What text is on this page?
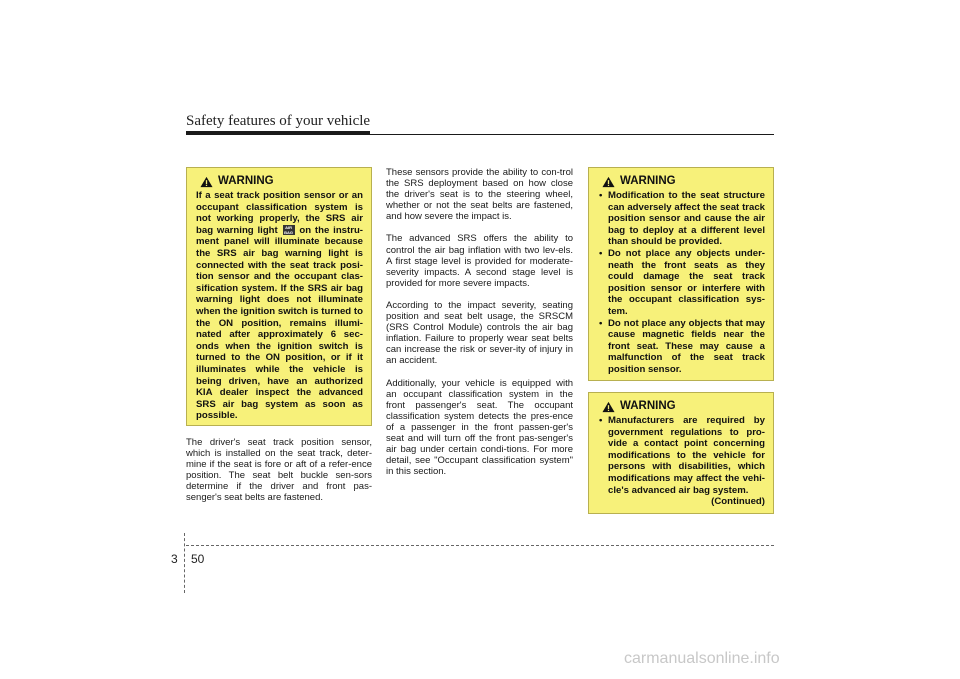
Safety features of your vehicle
WARNING

If a seat track position sensor or an occupant classification system is not working properly, the SRS air bag warning light AIR BAG on the instru-ment panel will illuminate because the SRS air bag warning light is connected with the seat track posi-tion sensor and the occupant clas-sification system. If the SRS air bag warning light does not illuminate when the ignition switch is turned to the ON position, remains illumi-nated after approximately 6 sec-onds when the ignition switch is turned to the ON position, or if it illuminates while the vehicle is being driven, have an authorized KIA dealer inspect the advanced SRS air bag system as soon as possible.

The driver's seat track position sensor, which is installed on the seat track, deter-mine if the seat is fore or aft of a refer-ence position. The seat belt buckle sen-sors determine if the driver and front pas-senger's seat belts are fastened.

These sensors provide the ability to con-trol the SRS deployment based on how close the driver's seat is to the steering wheel, whether or not the seat belts are fastened, and how severe the impact is.

The advanced SRS offers the ability to control the air bag inflation with two lev-els. A first stage level is provided for moderate-severity impacts. A second stage level is provided for more severe impacts.

According to the impact severity, seating position and seat belt usage, the SRSCM (SRS Control Module) controls the air bag inflation. Failure to properly wear seat belts can increase the risk or sever-ity of injury in an accident.

Additionally, your vehicle is equipped with an occupant classification system in the front passenger's seat. The occupant classification system detects the pres-ence of a passenger in the front passen-ger's seat and will turn off the front pas-senger's air bag under certain condi-tions. For more detail, see "Occupant classification system" in this section.

WARNING
• Modification to the seat structure can adversely affect the seat track position sensor and cause the air bag to deploy at a different level than should be provided.
• Do not place any objects under-neath the front seats as they could damage the seat track position sensor or interfere with the occupant classification sys-tem.
• Do not place any objects that may cause magnetic fields near the front seat. These may cause a malfunction of the seat track position sensor.
WARNING
• Manufacturers are required by government regulations to pro-vide a contact point concerning modifications to the vehicle for persons with disabilities, which modifications may affect the vehi-cle's advanced air bag system.
(Continued)
3 50
carmanualsonline.info
